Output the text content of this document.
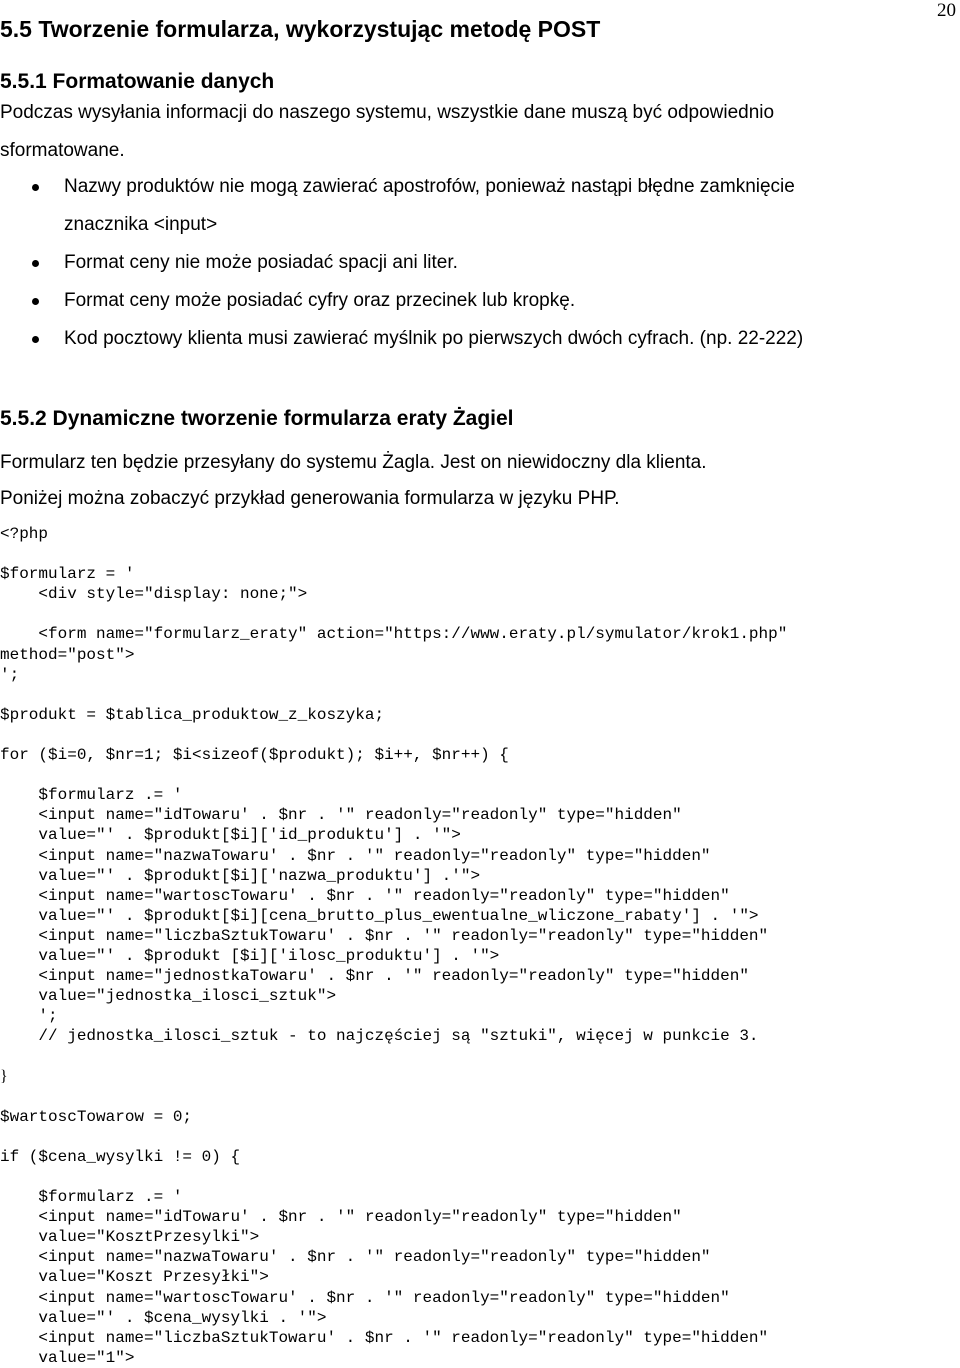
20
5.5 Tworzenie formularza, wykorzystując metodę POST
5.5.1 Formatowanie danych

Podczas wysyłania informacji do naszego systemu, wszystkie dane muszą być odpowiednio

sformatowane.

Nazwy produktów nie mogą zawierać apostrofów, ponieważ nastąpi błędne zamknięcie
znacznika <input>
Format ceny nie może posiadać spacji ani liter.
Format ceny może posiadać cyfry oraz przecinek lub kropkę.
Kod pocztowy klienta musi zawierać myślnik po pierwszych dwóch cyfrach. (np. 22-222)
5.5.2 Dynamiczne tworzenie formularza eraty Żagiel

Formularz ten będzie przesyłany do systemu Żagla. Jest on niewidoczny dla klienta.

Poniżej można zobaczyć przykład generowania formularza w języku PHP.

<?php
$formularz = '
<div style="display: none;">
<form name="formularz_eraty" action="https://www.eraty.pl/symulator/krok1.php"
method="post">
';
$produkt = $tablica_produktow_z_koszyka;
for ($i=0, $nr=1; $i<sizeof($produkt); $i++, $nr++) {
$formularz .= '
<input name="idTowaru' . $nr . '" readonly="readonly" type="hidden"
value="' . $produkt[$i]['id_produktu'] . '">
<input name="nazwaTowaru' . $nr . '" readonly="readonly" type="hidden"
value="' . $produkt[$i]['nazwa_produktu'] .'">
<input name="wartoscTowaru' . $nr . '" readonly="readonly" type="hidden"
value="' . $produkt[$i][cena_brutto_plus_ewentualne_wliczone_rabaty'] . '">
<input name="liczbaSztukTowaru' . $nr . '" readonly="readonly" type="hidden"
value="' . $produkt [$i]['ilosc_produktu'] . '">
<input name="jednostkaTowaru' . $nr . '" readonly="readonly" type="hidden"
value="jednostka_ilosci_sztuk">
';
// jednostka_ilosci_sztuk - to najczęściej są "sztuki", więcej w punkcie 3.
}
$wartoscTowarow = 0;
if ($cena_wysylki != 0) {
$formularz .= '
<input name="idTowaru' . $nr . '" readonly="readonly" type="hidden"
value="KosztPrzesylki">
<input name="nazwaTowaru' . $nr . '" readonly="readonly" type="hidden"
value="Koszt Przesyłki">
<input name="wartoscTowaru' . $nr . '" readonly="readonly" type="hidden"
value="' . $cena_wysylki . '">
<input name="liczbaSztukTowaru' . $nr . '" readonly="readonly" type="hidden"
value="1">
